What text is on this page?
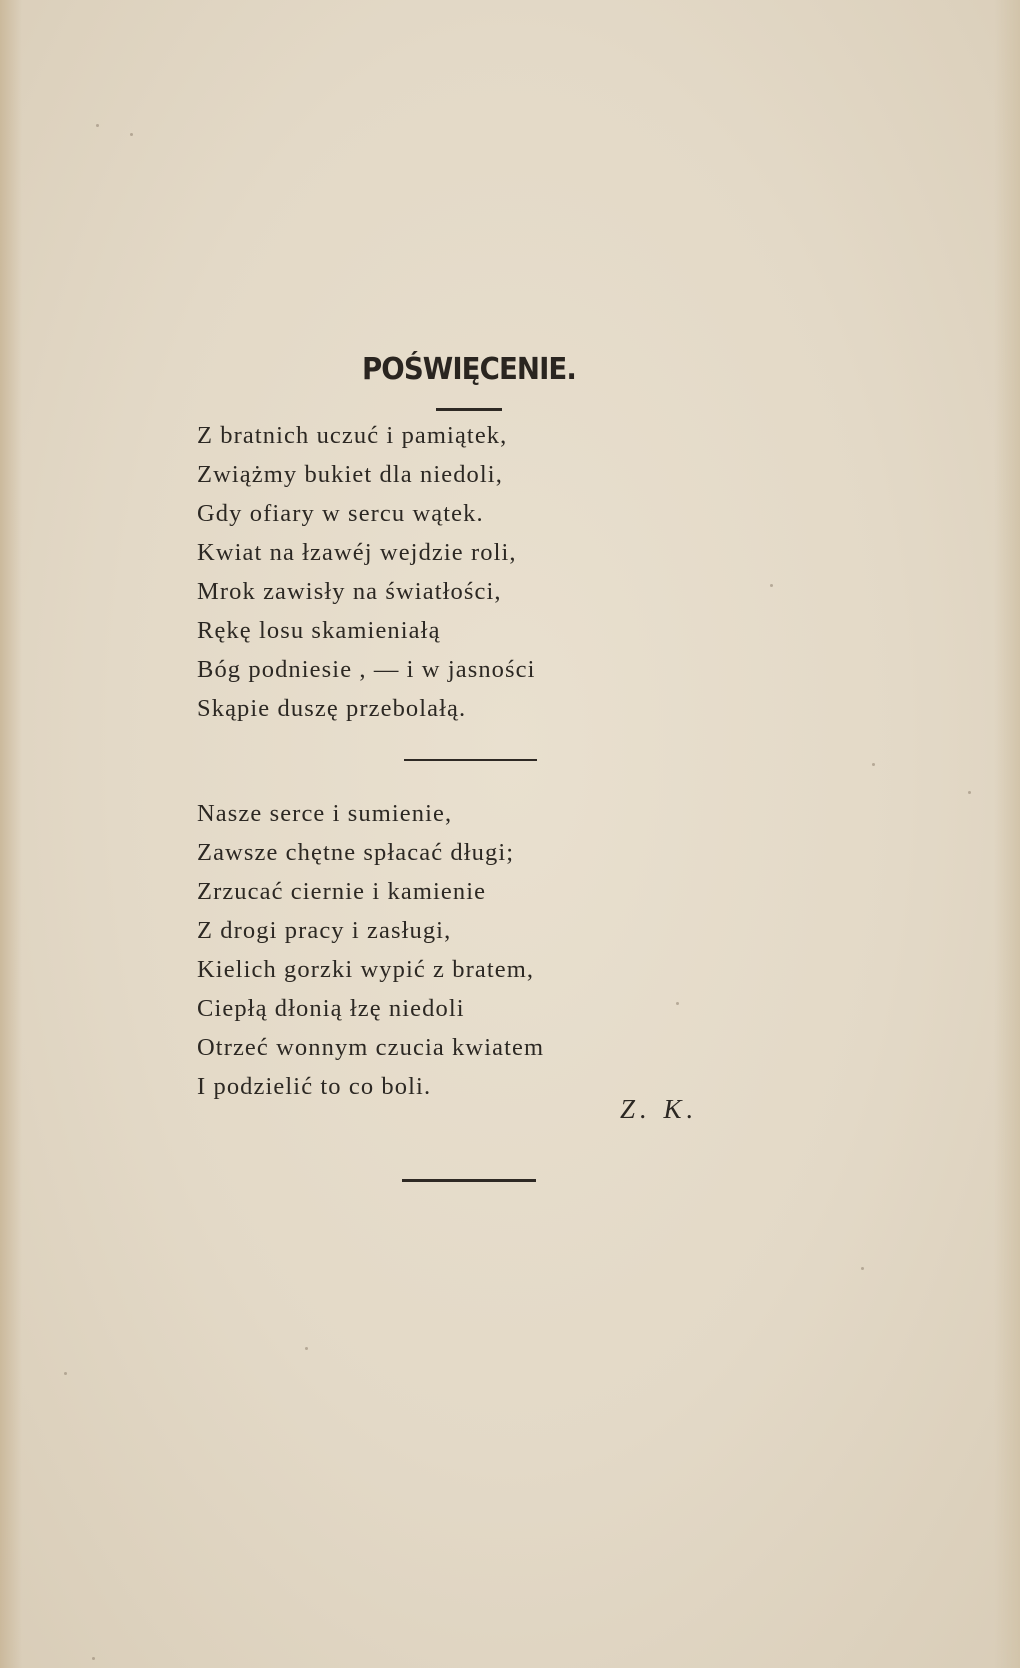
POŚWIĘCENIE.
Z bratnich uczuć i pamiątek,
Zwiążmy bukiet dla niedoli,
Gdy ofiary w sercu wątek.
Kwiat na łzawéj wejdzie roli,
Mrok zawisły na światłości,
Rękę losu skamieniałą
Bóg podniesie , — i w jasności
Skąpie duszę przebolałą.
Nasze serce i sumienie,
Zawsze chętne spłacać długi;
Zrzucać ciernie i kamienie
Z drogi pracy i zasługi,
Kielich gorzki wypić z bratem,
Ciepłą dłonią łzę niedoli
Otrzeć wonnym czucia kwiatem
I podzielić to co boli.
Z. K.
